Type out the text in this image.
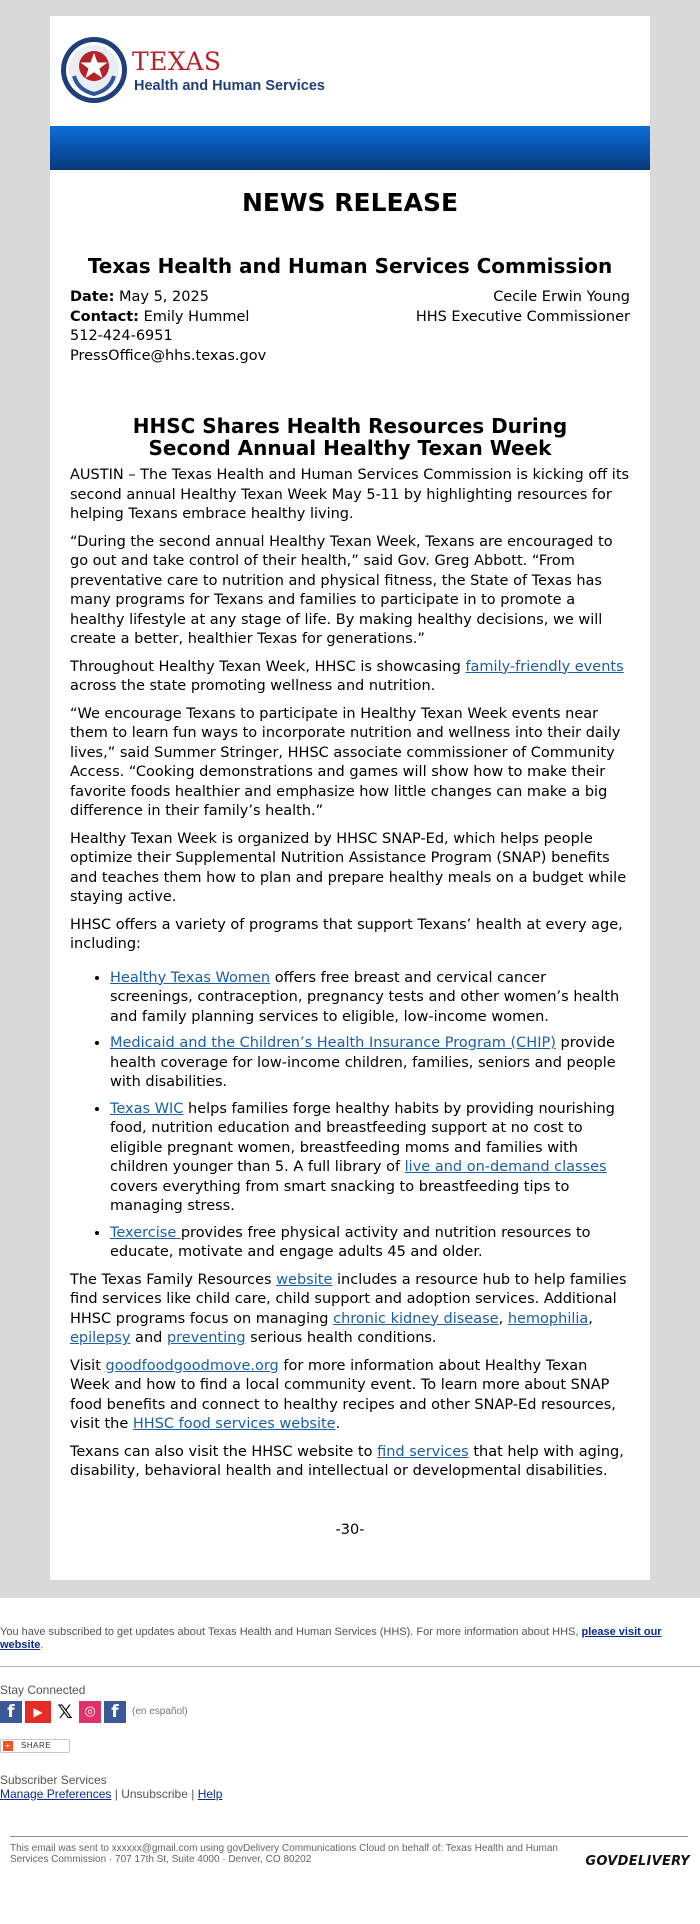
TEXAS
Health and Human Services
NEWS RELEASE
Texas Health and Human Services Commission
Date: May 5, 2025
Contact: Emily Hummel
512-424-6951
PressOffice@hhs.texas.gov
Cecile Erwin Young
HHS Executive Commissioner
HHSC Shares Health Resources During
Second Annual Healthy Texan Week

AUSTIN – The Texas Health and Human Services Commission is kicking off its second annual Healthy Texan Week May 5-11 by highlighting resources for helping Texans embrace healthy living.

“During the second annual Healthy Texan Week, Texans are encouraged to go out and take control of their health,” said Gov. Greg Abbott. “From preventative care to nutrition and physical fitness, the State of Texas has many programs for Texans and families to participate in to promote a healthy lifestyle at any stage of life. By making healthy decisions, we will create a better, healthier Texas for generations.”

Throughout Healthy Texan Week, HHSC is showcasing family-friendly events across the state promoting wellness and nutrition.

“We encourage Texans to participate in Healthy Texan Week events near them to learn fun ways to incorporate nutrition and wellness into their daily lives,” said Summer Stringer, HHSC associate commissioner of Community Access. “Cooking demonstrations and games will show how to make their favorite foods healthier and emphasize how little changes can make a big difference in their family’s health.”

Healthy Texan Week is organized by HHSC SNAP-Ed, which helps people optimize their Supplemental Nutrition Assistance Program (SNAP) benefits and teaches them how to plan and prepare healthy meals on a budget while staying active.

HHSC offers a variety of programs that support Texans’ health at every age, including:

• Healthy Texas Women offers free breast and cervical cancer screenings, contraception, pregnancy tests and other women’s health and family planning services to eligible, low-income women.
• Medicaid and the Children’s Health Insurance Program (CHIP) provide health coverage for low-income children, families, seniors and people with disabilities.
• Texas WIC helps families forge healthy habits by providing nourishing food, nutrition education and breastfeeding support at no cost to eligible pregnant women, breastfeeding moms and families with children younger than 5. A full library of live and on-demand classes covers everything from smart snacking to breastfeeding tips to managing stress.
• Texercise provides free physical activity and nutrition resources to educate, motivate and engage adults 45 and older.

The Texas Family Resources website includes a resource hub to help families find services like child care, child support and adoption services. Additional HHSC programs focus on managing chronic kidney disease, hemophilia, epilepsy and preventing serious health conditions.

Visit goodfoodgoodmove.org for more information about Healthy Texan Week and how to find a local community event. To learn more about SNAP food benefits and connect to healthy recipes and other SNAP-Ed resources, visit the HHSC food services website.

Texans can also visit the HHSC website to find services that help with aging, disability, behavioral health and intellectual or developmental disabilities.

-30-
You have subscribed to get updates about Texas Health and Human Services (HHS). For more information about HHS, please visit our website.
Stay Connected
f	▶ 𝕏 ◎ f	(en español)
+ SHARE
Subscriber Services
Manage Preferences | Unsubscribe | Help
This email was sent to xxxxxx@gmail.com using govDelivery Communications Cloud on behalf of: Texas Health and Human Services Commission · 707 17th St, Suite 4000 · Denver, CO 80202	GOVDELIVERY
